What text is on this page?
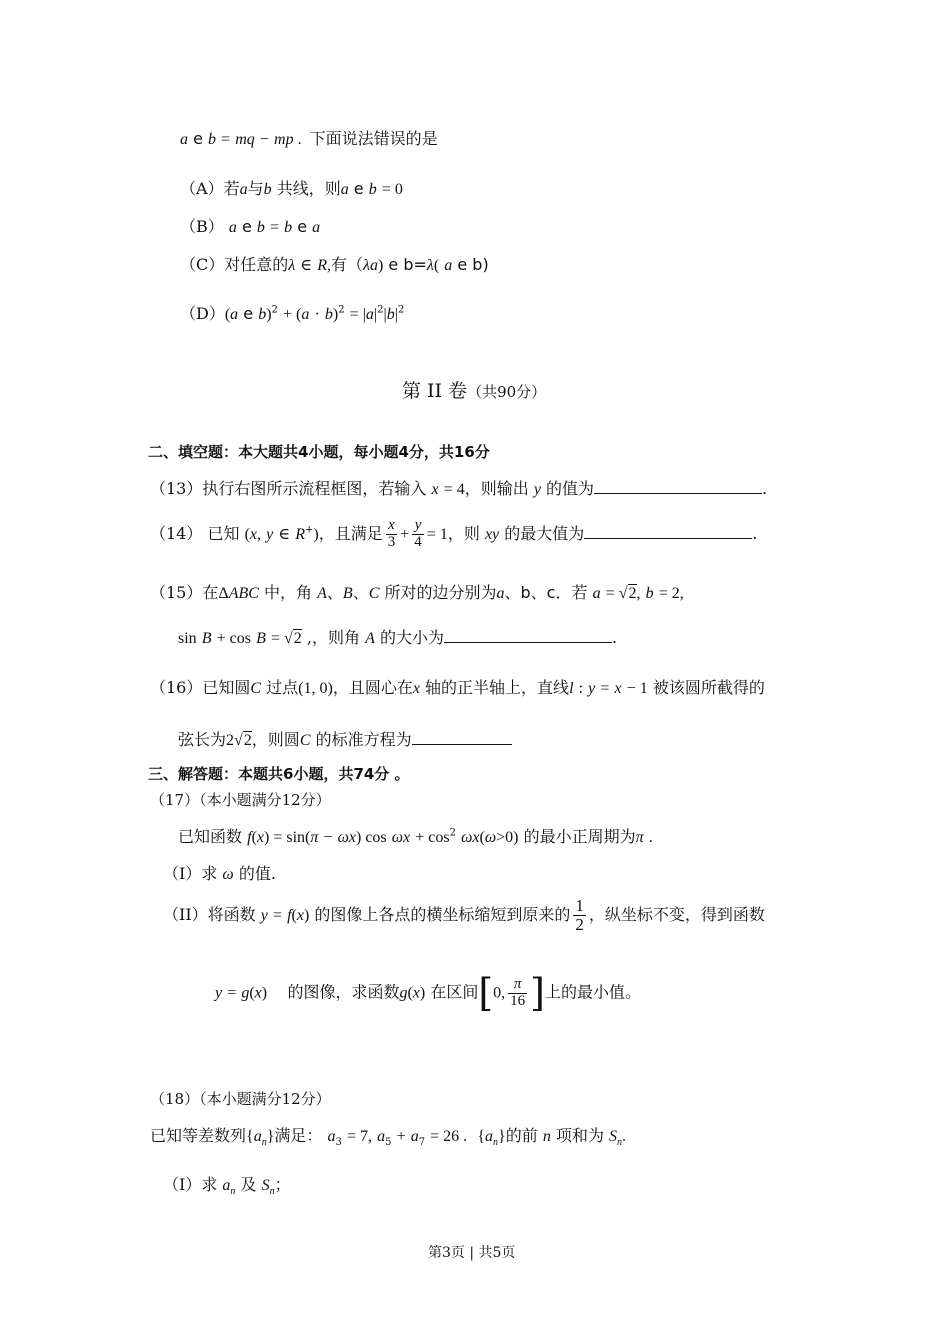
a e b = mq − mp .  下面说法错误的是
（A）若a与b 共线，则a e b = 0
（B） a e b = b e a
（C）对任意的λ ∈ R,有（λa) e b=λ( a e b)
（D）(a e $b)^2 + (a \cdot b)^2 = |a|^2|b|^2$
第 II 卷（共90分）
二、填空题：本大题共4小题，每小题4分，共16分
（13）执行右图所示流程框图，若输入 x = 4，则输出 y 的值为	.
（14） 已知 (x, y ∈ R+)，且满足 $\frac{x}{3} + \frac{y}{4} = 1$，则 xy 的最大值为	.
（15）在ΔABC 中，角 A、B、C 所对的边分别为a、b、c．若 a = √2, b = 2,
sin B + cos B = √2 ,，则角 A 的大小为	.
（16）已知圆C 过点(1, 0)，且圆心在x 轴的正半轴上，直线l : y = x − 1 被该圆所截得的
弦长为2√2，则圆C 的标准方程为
三、解答题：本题共6小题，共74分 。
（17）（本小题满分12分）
已知函数 f(x) = sin(π − ωx) $\cos \omega x + \cos^2 \omega x(\omega>0)$ 的最小正周期为π .
（I）求 ω 的值.
（II）将函数 y = f(x) 的图像上各点的横坐标缩短到原来的 $\frac{1}{2}$ ，纵坐标不变，得到函数
y = g(x) 的图像，求函数g(x) 在区间[0, $\frac{\pi}{16}$ ]上的最小值。
（18）（本小题满分12分）
已知等差数列$\{a_n\}$满足： $a_3 = 7$, $a_5 + a_7 = 26$ . $\{a_n\}$的前 n 项和为 $S_n$.
（I）求 $a_n$ 及 $S_n$；
第3页 | 共5页
